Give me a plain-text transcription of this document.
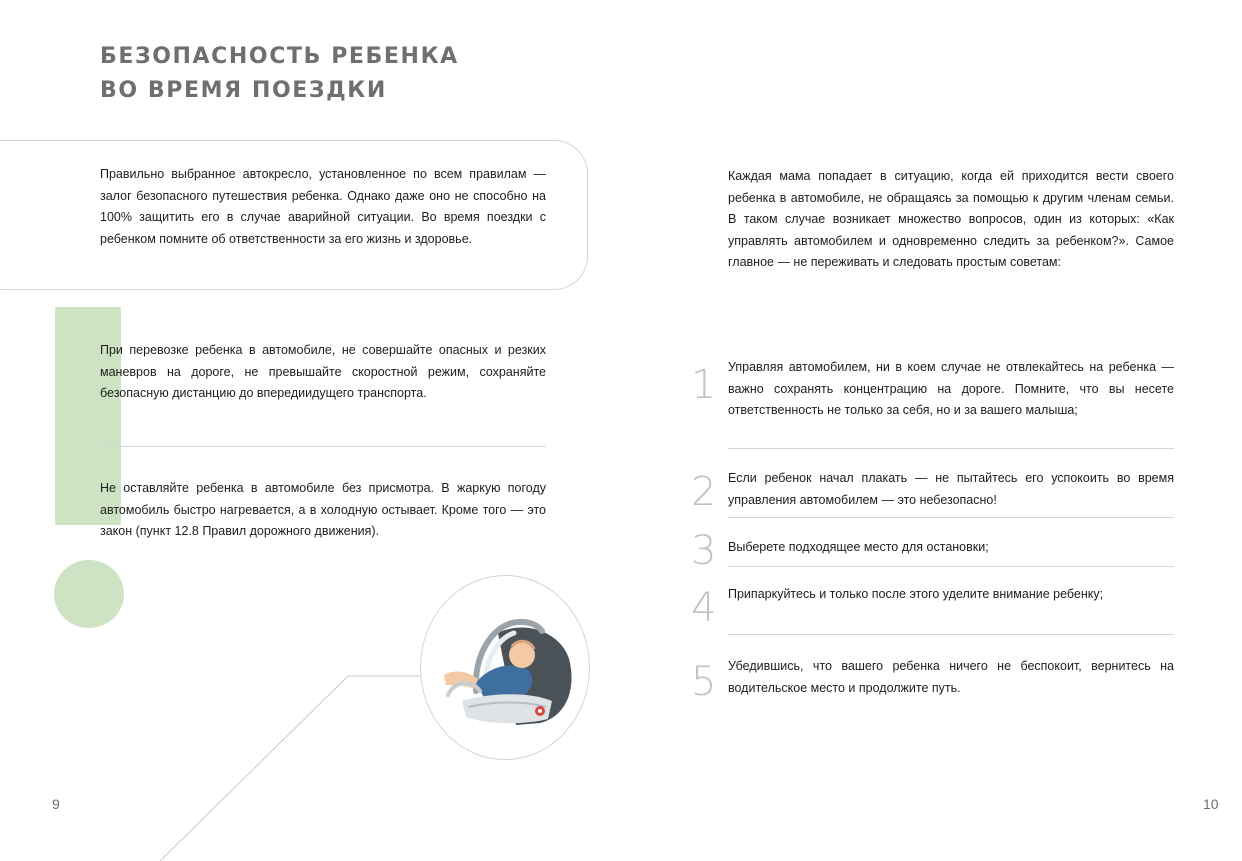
БЕЗОПАСНОСТЬ РЕБЕНКА
ВО ВРЕМЯ ПОЕЗДКИ

Правильно выбранное автокресло, установленное по всем правилам — залог безопасного путешествия ребенка. Однако даже оно не способно на 100% защитить его в случае аварийной ситуации. Во время поездки с ребенком помните об ответственности за его жизнь и здоровье.

При перевозке ребенка в автомобиле, не совершайте опасных и резких маневров на дороге, не превышайте скоростной режим, сохраняйте безопасную дистанцию до впередиидущего транспорта.

Не оставляйте ребенка в автомобиле без присмотра. В жаркую погоду автомобиль быстро нагревается, а в холодную остывает. Кроме того — это закон (пункт 12.8 Правил дорожного движения).

9

Каждая мама попадает в ситуацию, когда ей приходится вести своего ребенка в автомобиле, не обращаясь за помощью к другим членам семьи. В таком случае возникает множество вопросов, один из которых: «Как управлять автомобилем и одновременно следить за ребенком?». Самое главное — не переживать и следовать простым советам:

1 Управляя автомобилем, ни в коем случае не отвлекайтесь на ребенка — важно сохранять концентрацию на дороге. Помните, что вы несете ответственность не только за себя, но и за вашего малыша;

2 Если ребенок начал плакать — не пытайтесь его успокоить во время управления автомобилем — это небезопасно!

3 Выберете подходящее место для остановки;

4 Припаркуйтесь и только после этого уделите внимание ребенку;

5 Убедившись, что вашего ребенка ничего не беспокоит, вернитесь на водительское место и продолжите путь.

10
